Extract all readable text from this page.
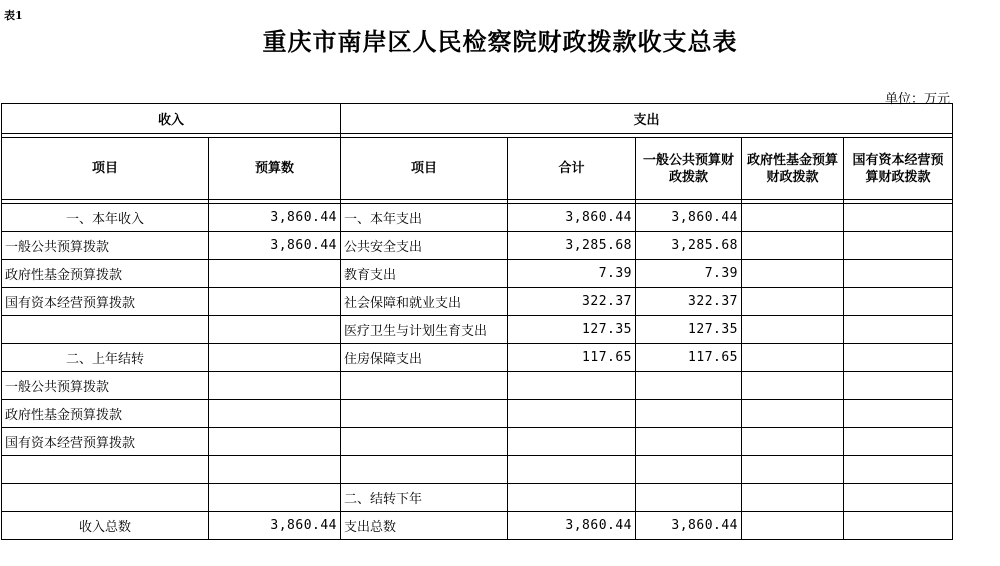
表1
重庆市南岸区人民检察院财政拨款收支总表
单位：万元
收入		支出				

项目	预算数	项目	合计	一般公共预算财政拨款	政府性基金预算财政拨款	国有资本经营预算财政拨款

一、本年收入	3,860.44	一、本年支出	3,860.44	3,860.44		
一般公共预算拨款	3,860.44	公共安全支出	3,285.68	3,285.68		
政府性基金预算拨款		教育支出	7.39	7.39		
国有资本经营预算拨款		社会保障和就业支出	322.37	322.37		
		医疗卫生与计划生育支出	127.35	127.35		
二、上年结转		住房保障支出	117.65	117.65		
一般公共预算拨款						
政府性基金预算拨款						
国有资本经营预算拨款						

		二、结转下年				
收入总数	3,860.44	支出总数	3,860.44	3,860.44		
